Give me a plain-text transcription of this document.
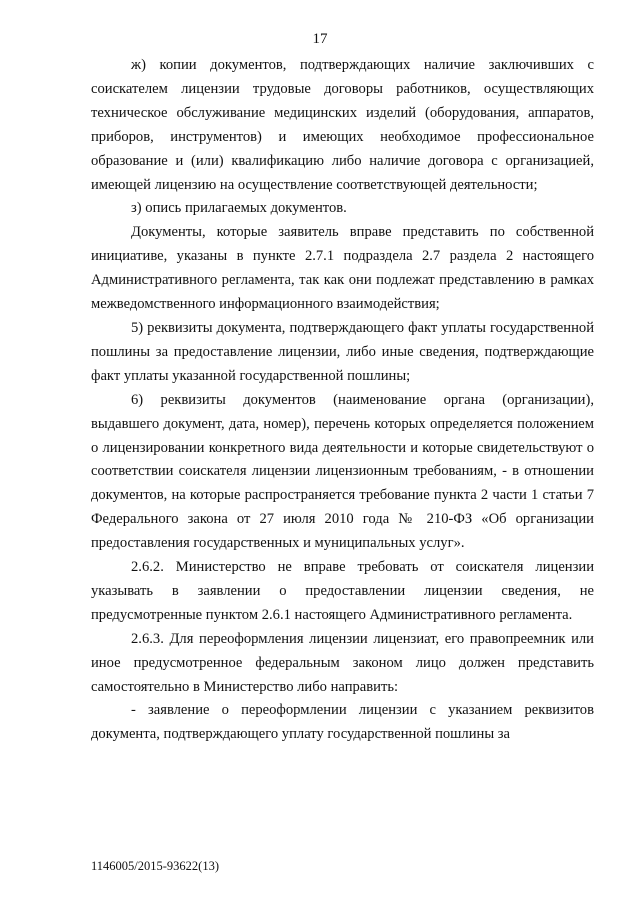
17

ж) копии документов, подтверждающих наличие заключивших с соискателем лицензии трудовые договоры работников, осуществляющих техническое обслуживание медицинских изделий (оборудования, аппаратов, приборов, инструментов) и имеющих необходимое профессиональное образование и (или) квалификацию либо наличие договора с организацией, имеющей лицензию на осуществление соответствующей деятельности;

з) опись прилагаемых документов.

Документы, которые заявитель вправе представить по собственной инициативе, указаны в пункте 2.7.1 подраздела 2.7 раздела 2 настоящего Административного регламента, так как они подлежат представлению в рамках межведомственного информационного взаимодействия;

5) реквизиты документа, подтверждающего факт уплаты государственной пошлины за предоставление лицензии, либо иные сведения, подтверждающие факт уплаты указанной государственной пошлины;

6) реквизиты документов (наименование органа (организации), выдавшего документ, дата, номер), перечень которых определяется положением о лицензировании конкретного вида деятельности и которые свидетельствуют о соответствии соискателя лицензии лицензионным требованиям, - в отношении документов, на которые распространяется требование пункта 2 части 1 статьи 7 Федерального закона от 27 июля 2010 года № 210-ФЗ «Об организации предоставления государственных и муниципальных услуг».

2.6.2. Министерство не вправе требовать от соискателя лицензии указывать в заявлении о предоставлении лицензии сведения, не предусмотренные пунктом 2.6.1 настоящего Административного регламента.

2.6.3. Для переоформления лицензии лицензиат, его правопреемник или иное предусмотренное федеральным законом лицо должен представить самостоятельно в Министерство либо направить:

- заявление о переоформлении лицензии с указанием реквизитов документа, подтверждающего уплату государственной пошлины за

1146005/2015-93622(13)
